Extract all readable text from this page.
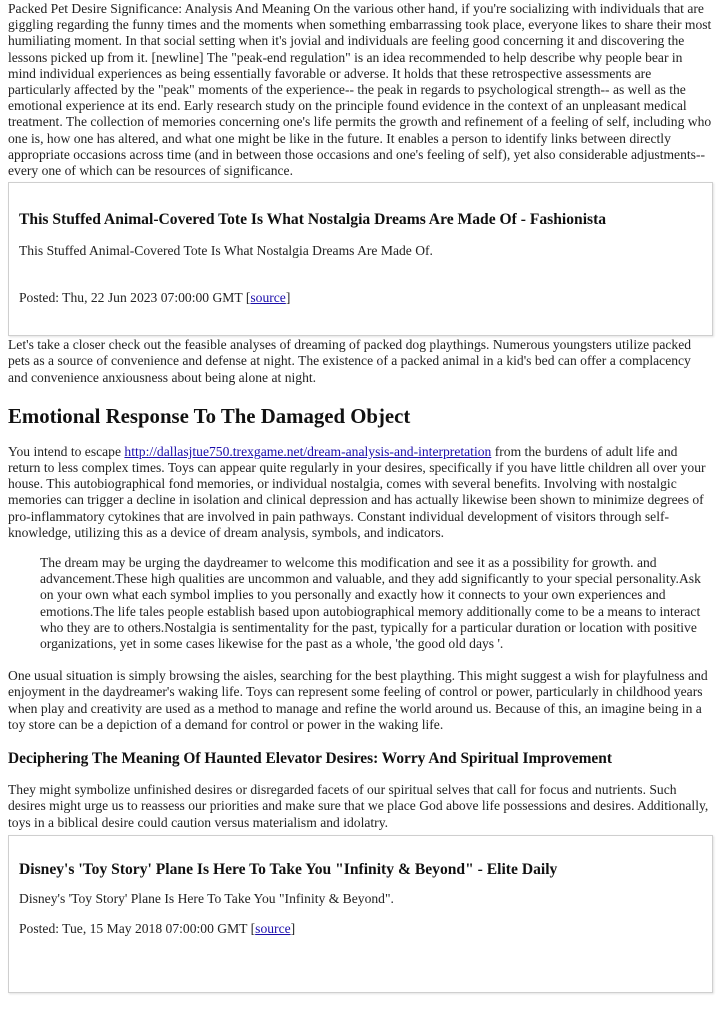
Packed Pet Desire Significance: Analysis And Meaning On the various other hand, if you're socializing with individuals that are giggling regarding the funny times and the moments when something embarrassing took place, everyone likes to share their most humiliating moment. In that social setting when it's jovial and individuals are feeling good concerning it and discovering the lessons picked up from it. [newline] The "peak-end regulation" is an idea recommended to help describe why people bear in mind individual experiences as being essentially favorable or adverse. It holds that these retrospective assessments are particularly affected by the "peak" moments of the experience-- the peak in regards to psychological strength-- as well as the emotional experience at its end. Early research study on the principle found evidence in the context of an unpleasant medical treatment. The collection of memories concerning one's life permits the growth and refinement of a feeling of self, including who one is, how one has altered, and what one might be like in the future. It enables a person to identify links between directly appropriate occasions across time (and in between those occasions and one's feeling of self), yet also considerable adjustments-- every one of which can be resources of significance.

This Stuffed Animal-Covered Tote Is What Nostalgia Dreams Are Made Of - Fashionista

This Stuffed Animal-Covered Tote Is What Nostalgia Dreams Are Made Of.

Posted: Thu, 22 Jun 2023 07:00:00 GMT [source]

Let's take a closer check out the feasible analyses of dreaming of packed dog playthings. Numerous youngsters utilize packed pets as a source of convenience and defense at night. The existence of a packed animal in a kid's bed can offer a complacency and convenience anxiousness about being alone at night.

Emotional Response To The Damaged Object

You intend to escape http://dallasjtue750.trexgame.net/dream-analysis-and-interpretation from the burdens of adult life and return to less complex times. Toys can appear quite regularly in your desires, specifically if you have little children all over your house. This autobiographical fond memories, or individual nostalgia, comes with several benefits. Involving with nostalgic memories can trigger a decline in isolation and clinical depression and has actually likewise been shown to minimize degrees of pro-inflammatory cytokines that are involved in pain pathways. Constant individual development of visitors through self-knowledge, utilizing this as a device of dream analysis, symbols, and indicators.

The dream may be urging the daydreamer to welcome this modification and see it as a possibility for growth. and advancement.These high qualities are uncommon and valuable, and they add significantly to your special personality.Ask on your own what each symbol implies to you personally and exactly how it connects to your own experiences and emotions.The life tales people establish based upon autobiographical memory additionally come to be a means to interact who they are to others.Nostalgia is sentimentality for the past, typically for a particular duration or location with positive organizations, yet in some cases likewise for the past as a whole, 'the good old days '.

One usual situation is simply browsing the aisles, searching for the best plaything. This might suggest a wish for playfulness and enjoyment in the daydreamer's waking life. Toys can represent some feeling of control or power, particularly in childhood years when play and creativity are used as a method to manage and refine the world around us. Because of this, an imagine being in a toy store can be a depiction of a demand for control or power in the waking life.

Deciphering The Meaning Of Haunted Elevator Desires: Worry And Spiritual Improvement

They might symbolize unfinished desires or disregarded facets of our spiritual selves that call for focus and nutrients. Such desires might urge us to reassess our priorities and make sure that we place God above life possessions and desires. Additionally, toys in a biblical desire could caution versus materialism and idolatry.

Disney's 'Toy Story' Plane Is Here To Take You "Infinity & Beyond" - Elite Daily

Disney's 'Toy Story' Plane Is Here To Take You "Infinity & Beyond".

Posted: Tue, 15 May 2018 07:00:00 GMT [source]
